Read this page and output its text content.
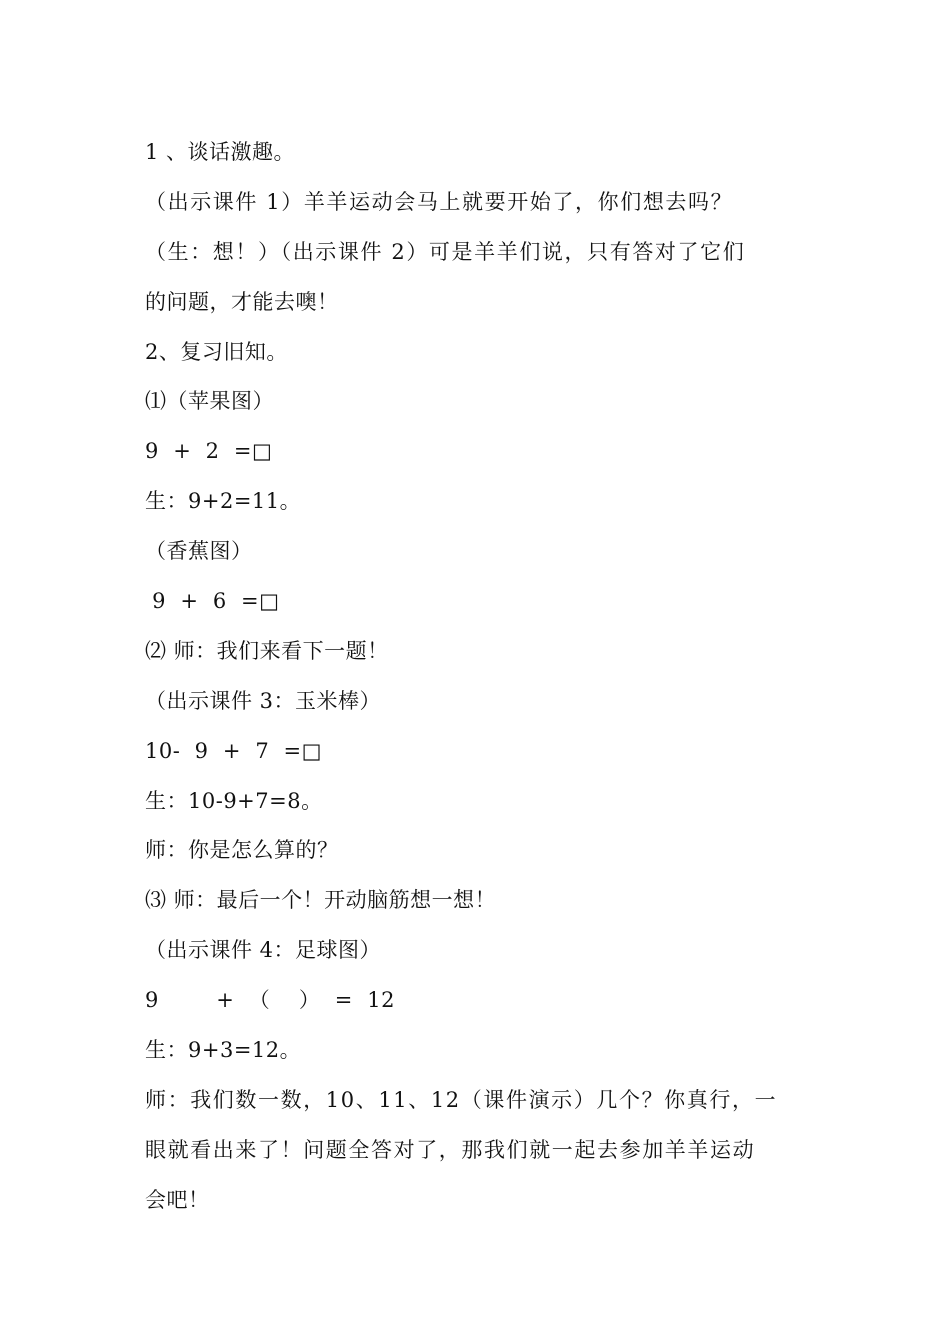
1 、谈话激趣。
（出示课件 1）羊羊运动会马上就要开始了，你们想去吗？
（生：想！）（出示课件 2）可是羊羊们说，只有答对了它们
的问题，才能去噢！
2、复习旧知。
⑴（苹果图）
9  +  2  =□
生：9+2=11。
（香蕉图）
9  +  6  =□
⑵ 师：我们来看下一题！
（出示课件 3：玉米棒）
10-  9  +  7  =□
生：10-9+7=8。
师：你是怎么算的？
⑶ 师：最后一个！开动脑筋想一想！
（出示课件 4：足球图）
9        +  （    ）  =  12
生：9+3=12。
师：我们数一数，10、11、12（课件演示）几个？你真行，一
眼就看出来了！问题全答对了，那我们就一起去参加羊羊运动
会吧！
